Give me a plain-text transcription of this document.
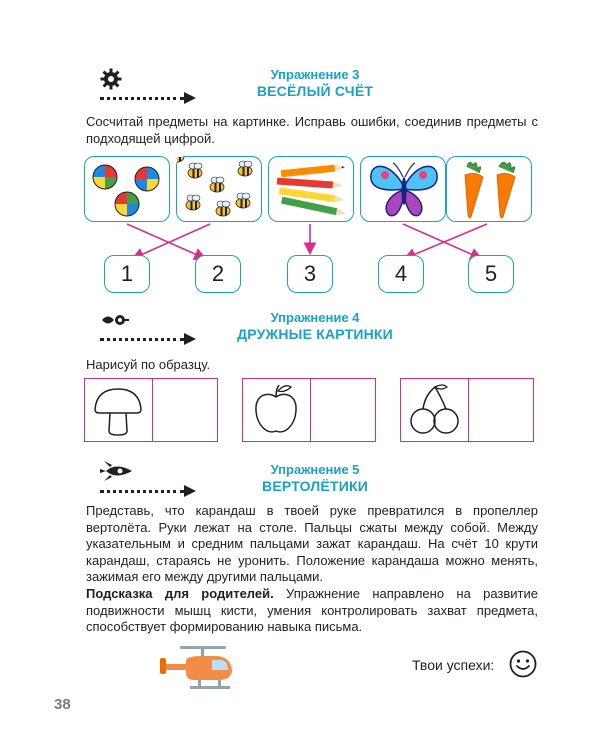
Упражнение 3
ВЕСЁЛЫЙ СЧЁТ
Сосчитай предметы на картинке. Исправь ошибки, соединив предметы с подходящей цифрой.
1	2	3	4	5
Упражнение 4
ДРУЖНЫЕ КАРТИНКИ
Нарисуй по образцу.
Упражнение 5
ВЕРТОЛЁТИКИ
Представь, что карандаш в твоей руке превратился в пропеллер вертолёта. Руки лежат на столе. Пальцы сжаты между собой. Между указательным и средним пальцами зажат карандаш. На счёт 10 крути карандаш, стараясь не уронить. Положение карандаша можно менять, зажимая его между другими пальцами.
Подсказка для родителей. Упражнение направлено на развитие подвижности мышц кисти, умения контролировать захват предмета, способствует формированию навыка письма.
Твои успехи:
38
